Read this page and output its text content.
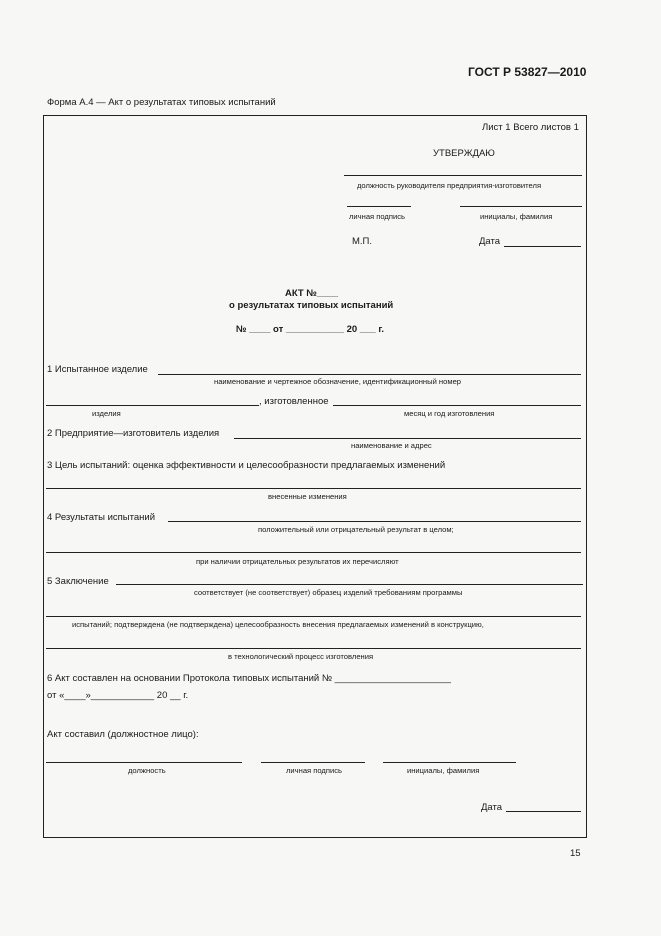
ГОСТ Р 53827—2010
Форма А.4 — Акт о результатах типовых испытаний
Лист 1 Всего листов 1
УТВЕРЖДАЮ
должность руководителя предприятия-изготовителя
личная подпись	инициалы, фамилия
М.П.	Дата
АКТ №____
о результатах типовых испытаний
№ ____ от ___________ 20 ___ г.
1 Испытанное изделие
наименование и чертежное обозначение, идентификационный номер
, изготовленное
изделия	месяц и год изготовления
2 Предприятие—изготовитель изделия
наименование и адрес
3 Цель испытаний: оценка эффективности и целесообразности предлагаемых изменений
внесенные изменения
4 Результаты испытаний
положительный или отрицательный результат в целом;
при наличии отрицательных результатов их перечисляют
5 Заключение
соответствует (не соответствует) образец изделий требованиям программы
испытаний; подтверждена (не подтверждена) целесообразность внесения предлагаемых изменений в конструкцию,
в технологический процесс изготовления
6 Акт составлен на основании Протокола типовых испытаний № ______________________
от «____»____________ 20 __ г.
Акт составил (должностное лицо):
должность	личная подпись	инициалы, фамилия
Дата
15
